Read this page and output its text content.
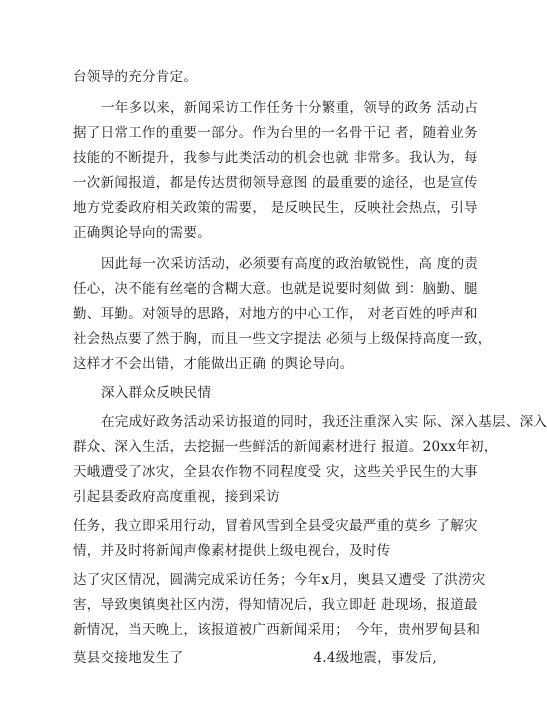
台领导的充分肯定。
一年多以来，新闻采访工作任务十分繁重，领导的政务 活动占
据了日常工作的重要一部分。作为台里的一名骨干记 者，随着业务
技能的不断提升，我参与此类活动的机会也就 非常多。我认为，每
一次新闻报道，都是传达贯彻领导意图 的最重要的途径，也是宣传
地方党委政府相关政策的需要， 是反映民生，反映社会热点，引导
正确舆论导向的需要。
因此每一次采访活动，必须要有高度的政治敏锐性，高 度的责
任心，决不能有丝毫的含糊大意。也就是说要时刻做 到：脑勤、腿
勤、耳勤。对领导的思路，对地方的中心工作， 对老百姓的呼声和
社会热点要了然于胸，而且一些文字提法 必须与上级保持高度一致，
这样才不会出错，才能做出正确 的舆论导向。
深入群众反映民情
在完成好政务活动采访报道的同时，我还注重深入实 际、深入基层、深入
群众、深入生活，去挖掘一些鲜活的新闻素材进行 报道。20xx年初，
天峨遭受了冰灾，全县农作物不同程度受 灾，这些关乎民生的大事
引起县委政府高度重视，接到采访
任务，我立即采用行动，冒着风雪到全县受灾最严重的莫乡 了解灾
情，并及时将新闻声像素材提供上级电视台，及时传
达了灾区情况，圆满完成采访任务；今年x月，奥县又遭受 了洪涝灾
害，导致奥镇奥社区内涝，得知情况后，我立即赶 赴现场，报道最
新情况，当天晚上，该报道被广西新闻采用；　今年，贵州罗甸县和
莫县交接地发生了	4.4级地震，事发后,
